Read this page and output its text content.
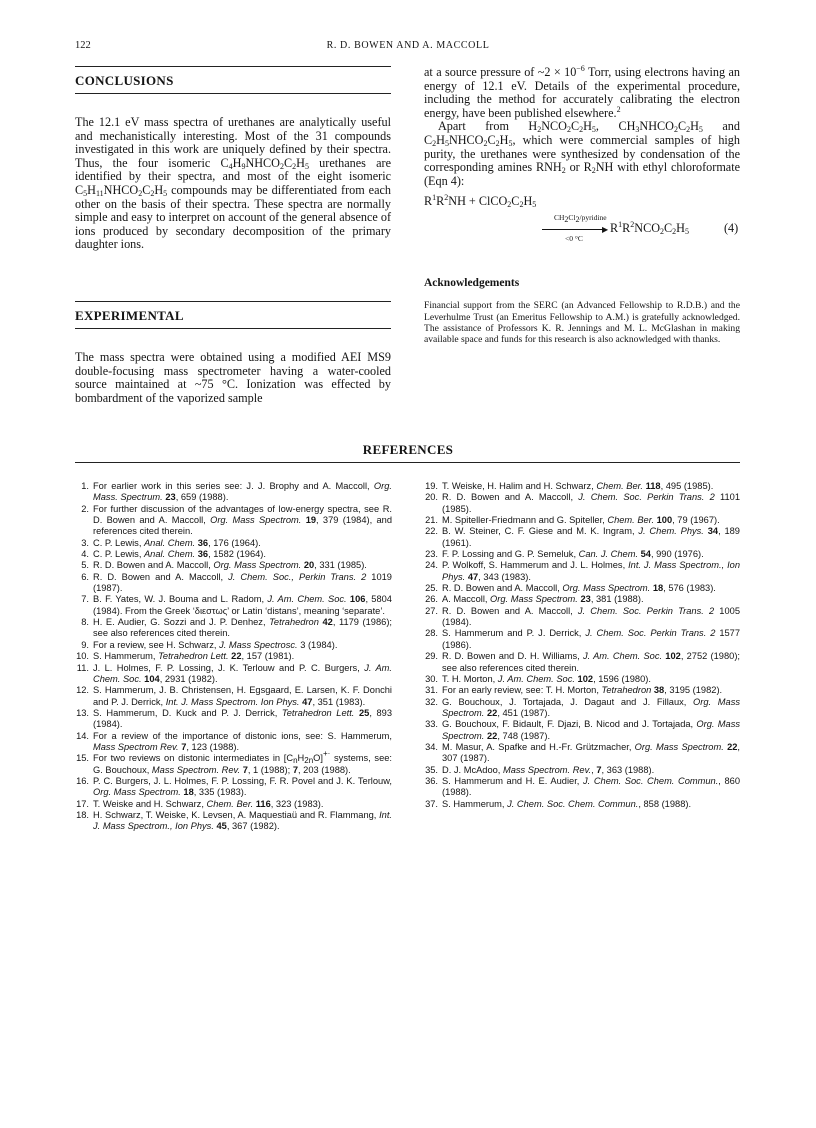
122	R. D. BOWEN AND A. MACCOLL
CONCLUSIONS
The 12.1 eV mass spectra of urethanes are analytically useful and mechanistically interesting. Most of the 31 compounds investigated in this work are uniquely defined by their spectra. Thus, the four isomeric $C_4H_9NHCO_2C_2H_5$ urethanes are identified by their spectra, and most of the eight isomeric $C_5H_{11}NHCO_2C_2H_5$ compounds may be differentiated from each other on the basis of their spectra. These spectra are normally simple and easy to interpret on account of the general absence of ions produced by secondary decomposition of the primary daughter ions.
EXPERIMENTAL
The mass spectra were obtained using a modified AEI MS9 double-focusing mass spectrometer having a water-cooled source maintained at ~75 °C. Ionization was effected by bombardment of the vaporized sample
at a source pressure of ~2 × $10^{-6}$ Torr, using electrons having an energy of 12.1 eV. Details of the experimental procedure, including the method for accurately calibrating the electron energy, have been published elsewhere.$^2$
Apart from $H_2NCO_2C_2H_5$, $CH_3NHCO_2C_2H_5$ and $C_2H_5NHCO_2C_2H_5$, which were commercial samples of high purity, the urethanes were synthesized by condensation of the corresponding amines $RNH_2$ or $R_2NH$ with ethyl chloroformate (Eqn 4):
$R^1R^2NH$ + $ClCO_2C_2H_5$
$CH_2Cl_2$/pyridine
▶
<0 °C
$R^1R^2NCO_2C_2H_5$	(4)
Acknowledgements
Financial support from the SERC (an Advanced Fellowship to R.D.B.) and the Leverhulme Trust (an Emeritus Fellowship to A.M.) is gratefully acknowledged. The assistance of Professors K. R. Jennings and M. L. McGlashan in making available space and funds for this research is also acknowledged with thanks.
REFERENCES
1. For earlier work in this series see: J. J. Brophy and A. Maccoll, Org. Mass. Spectrum. 23, 659 (1988).
2. For further discussion of the advantages of low-energy spectra, see R. D. Bowen and A. Maccoll, Org. Mass Spectrom. 19, 379 (1984), and references cited therein.
3. C. P. Lewis, Anal. Chem. 36, 176 (1964).
4. C. P. Lewis, Anal. Chem. 36, 1582 (1964).
5. R. D. Bowen and A. Maccoll, Org. Mass Spectrom. 20, 331 (1985).
6. R. D. Bowen and A. Maccoll, J. Chem. Soc., Perkin Trans. 2 1019 (1987).
7. B. F. Yates, W. J. Bouma and L. Radom, J. Am. Chem. Soc. 106, 5804 (1984). From the Greek ‘διεστως’ or Latin ‘distans’, meaning ‘separate’.
8. H. E. Audier, G. Sozzi and J. P. Denhez, Tetrahedron 42, 1179 (1986); see also references cited therein.
9. For a review, see H. Schwarz, J. Mass Spectrosc. 3 (1984).
10. S. Hammerum, Tetrahedron Lett. 22, 157 (1981).
11. J. L. Holmes, F. P. Lossing, J. K. Terlouw and P. C. Burgers, J. Am. Chem. Soc. 104, 2931 (1982).
12. S. Hammerum, J. B. Christensen, H. Egsgaard, E. Larsen, K. F. Donchi and P. J. Derrick, Int. J. Mass Spectrom. Ion Phys. 47, 351 (1983).
13. S. Hammerum, D. Kuck and P. J. Derrick, Tetrahedron Lett. 25, 893 (1984).
14. For a review of the importance of distonic ions, see: S. Hammerum, Mass Spectrom Rev. 7, 123 (1988).
15. For two reviews on distonic intermediates in $[C_nH_{2n}O]^{+\cdot}$ systems, see: G. Bouchoux, Mass Spectrom. Rev. 7, 1 (1988); 7, 203 (1988).
16. P. C. Burgers, J. L. Holmes, F. P. Lossing, F. R. Povel and J. K. Terlouw, Org. Mass Spectrom. 18, 335 (1983).
17. T. Weiske and H. Schwarz, Chem. Ber. 116, 323 (1983).
18. H. Schwarz, T. Weiske, K. Levsen, A. Maquestiaü and R. Flammang, Int. J. Mass Spectrom., Ion Phys. 45, 367 (1982).
19. T. Weiske, H. Halim and H. Schwarz, Chem. Ber. 118, 495 (1985).
20. R. D. Bowen and A. Maccoll, J. Chem. Soc. Perkin Trans. 2 1101 (1985).
21. M. Spiteller-Friedmann and G. Spiteller, Chem. Ber. 100, 79 (1967).
22. B. W. Steiner, C. F. Giese and M. K. Ingram, J. Chem. Phys. 34, 189 (1961).
23. F. P. Lossing and G. P. Semeluk, Can. J. Chem. 54, 990 (1976).
24. P. Wolkoff, S. Hammerum and J. L. Holmes, Int. J. Mass Spectrom., Ion Phys. 47, 343 (1983).
25. R. D. Bowen and A. Maccoll, Org. Mass Spectrom. 18, 576 (1983).
26. A. Maccoll, Org. Mass Spectrom. 23, 381 (1988).
27. R. D. Bowen and A. Maccoll, J. Chem. Soc. Perkin Trans. 2 1005 (1984).
28. S. Hammerum and P. J. Derrick, J. Chem. Soc. Perkin Trans. 2 1577 (1986).
29. R. D. Bowen and D. H. Williams, J. Am. Chem. Soc. 102, 2752 (1980); see also references cited therein.
30. T. H. Morton, J. Am. Chem. Soc. 102, 1596 (1980).
31. For an early review, see: T. H. Morton, Tetrahedron 38, 3195 (1982).
32. G. Bouchoux, J. Tortajada, J. Dagaut and J. Fillaux, Org. Mass Spectrom. 22, 451 (1987).
33. G. Bouchoux, F. Bidault, F. Djazi, B. Nicod and J. Tortajada, Org. Mass Spectrom. 22, 748 (1987).
34. M. Masur, A. Spafke and H.-Fr. Grützmacher, Org. Mass Spectrom. 22, 307 (1987).
35. D. J. McAdoo, Mass Spectrom. Rev., 7, 363 (1988).
36. S. Hammerum and H. E. Audier, J. Chem. Soc. Chem. Commun., 860 (1988).
37. S. Hammerum, J. Chem. Soc. Chem. Commun., 858 (1988).
